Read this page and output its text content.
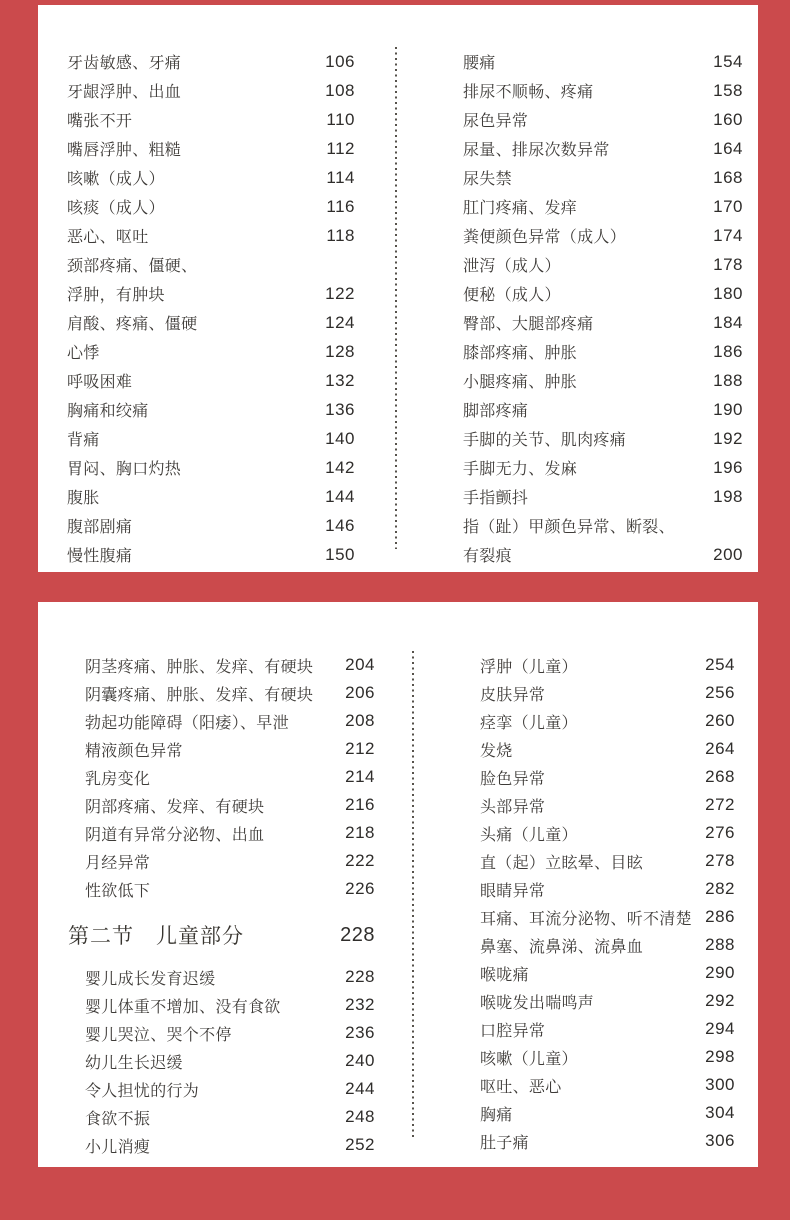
牙齿敏感、牙痛	106
牙龈浮肿、出血	108
嘴张不开	110
嘴唇浮肿、粗糙	112
咳嗽（成人）	114
咳痰（成人）	116
恶心、呕吐	118
颈部疼痛、僵硬、
浮肿，有肿块	122
肩酸、疼痛、僵硬	124
心悸	128
呼吸困难	132
胸痛和绞痛	136
背痛	140
胃闷、胸口灼热	142
腹胀	144
腹部剧痛	146
慢性腹痛	150
腰痛	154
排尿不顺畅、疼痛	158
尿色异常	160
尿量、排尿次数异常	164
尿失禁	168
肛门疼痛、发痒	170
粪便颜色异常（成人）	174
泄泻（成人）	178
便秘（成人）	180
臀部、大腿部疼痛	184
膝部疼痛、肿胀	186
小腿疼痛、肿胀	188
脚部疼痛	190
手脚的关节、肌肉疼痛	192
手脚无力、发麻	196
手指颤抖	198
指（趾）甲颜色异常、断裂、
有裂痕	200
阴茎疼痛、肿胀、发痒、有硬块 204
阴囊疼痛、肿胀、发痒、有硬块 206
勃起功能障碍（阳痿）、早泄	208
精液颜色异常	212
乳房变化	214
阴部疼痛、发痒、有硬块	216
阴道有异常分泌物、出血	218
月经异常	222
性欲低下	226
第二节　儿童部分	228
婴儿成长发育迟缓	228
婴儿体重不增加、没有食欲	232
婴儿哭泣、哭个不停	236
幼儿生长迟缓	240
令人担忧的行为	244
食欲不振	248
小儿消瘦	252
浮肿（儿童）	254
皮肤异常	256
痉挛（儿童）	260
发烧	264
脸色异常	268
头部异常	272
头痛（儿童）	276
直（起）立眩晕、目眩	278
眼睛异常	282
耳痛、耳流分泌物、听不清楚 286
鼻塞、流鼻涕、流鼻血	288
喉咙痛	290
喉咙发出喘鸣声	292
口腔异常	294
咳嗽（儿童）	298
呕吐、恶心	300
胸痛	304
肚子痛	306
